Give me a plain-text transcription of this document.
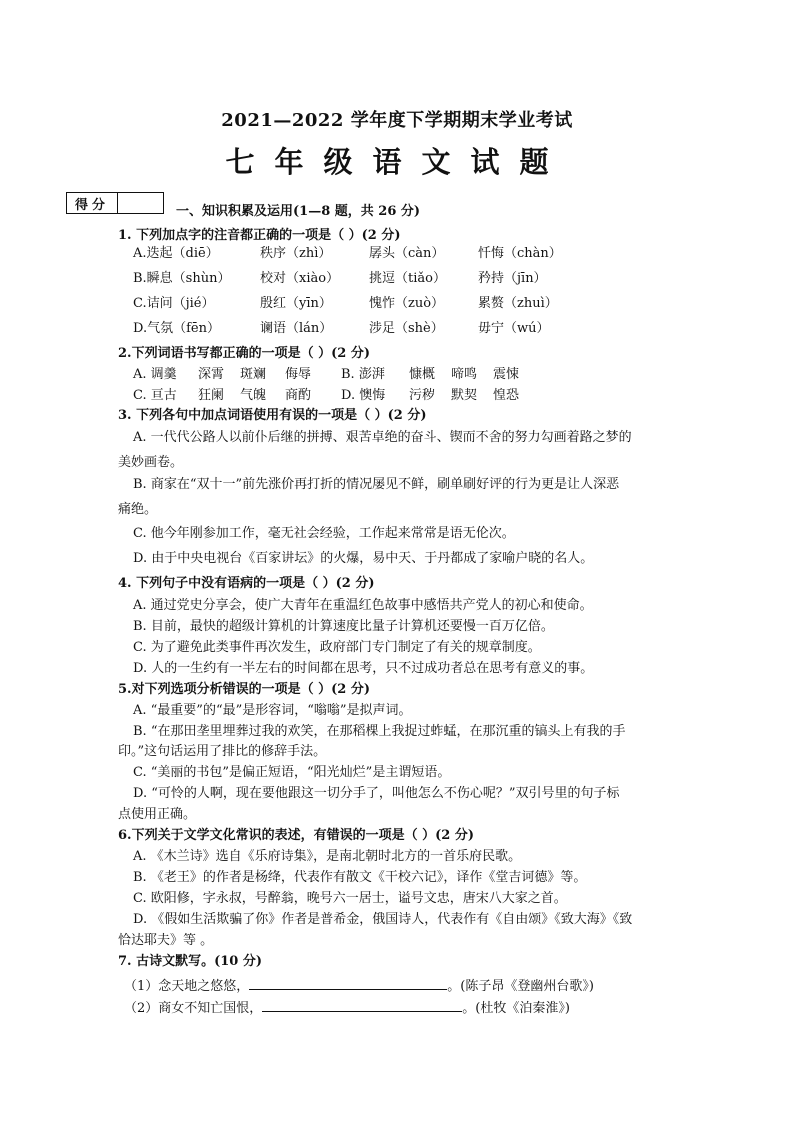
2021—2022 学年度下学期期末学业考试
七年级语文试题
得分	一、知识积累及运用(1—8 题，共 26 分)
1. 下列加点字的注音都正确的一项是（ ）(2 分)
A.迭起（diē）	秩序（zhì）	孱头（càn）	忏悔（chàn）
B.瞬息（shùn） 校对（xiào） 挑逗（tiǎo） 矜持（jīn）
C.诘问（jié）	殷红（yīn）	愧怍（zuò）	累赘（zhuì）
D.气氛（fēn）	谰语（lán）	涉足（shè）	毋宁（wú）
2.下列词语书写都正确的一项是（ ）(2 分)
A. 调羹 深霄 斑斓 侮辱 B. 澎湃 慷概 啼鸣 震悚
C. 亘古 狂阑 气魄 商酌 D. 懊悔 污秽 默契 惶恐
3. 下列各句中加点词语使用有误的一项是（ ）(2 分)
A. 一代代公路人以前仆后继的拼搏、艰苦卓绝的奋斗、锲而不舍的努力勾画着路之梦的
美妙画卷。
B. 商家在“双十一”前先涨价再打折的情况屡见不鲜，刷单刷好评的行为更是让人深恶
痛绝。
C. 他今年刚参加工作，毫无社会经验，工作起来常常是语无伦次。
D. 由于中央电视台《百家讲坛》的火爆，易中天、于丹都成了家喻户晓的名人。
4. 下列句子中没有语病的一项是（ ）(2 分)
A. 通过党史分享会，使广大青年在重温红色故事中感悟共产党人的初心和使命。
B. 目前，最快的超级计算机的计算速度比量子计算机还要慢一百万亿倍。
C. 为了避免此类事件再次发生，政府部门专门制定了有关的规章制度。
D. 人的一生约有一半左右的时间都在思考，只不过成功者总在思考有意义的事。
5.对下列选项分析错误的一项是（ ）(2 分)
A. “最重要”的“最”是形容词，“嗡嗡”是拟声词。
B. “在那田垄里埋葬过我的欢笑，在那稻棵上我捉过蚱蜢，在那沉重的镐头上有我的手
印。”这句话运用了排比的修辞手法。
C. “美丽的书包”是偏正短语，“阳光灿烂”是主谓短语。
D. “可怜的人啊，现在要他跟这一切分手了，叫他怎么不伤心呢？”双引号里的句子标
点使用正确。
6.下列关于文学文化常识的表述，有错误的一项是（ ）(2 分)
A. 《木兰诗》选自《乐府诗集》，是南北朝时北方的一首乐府民歌。
B. 《老王》的作者是杨绛，代表作有散文《干校六记》，译作《堂吉诃德》等。
C. 欧阳修，字永叔，号醉翁，晚号六一居士，谥号文忠，唐宋八大家之首。
D. 《假如生活欺骗了你》作者是普希金，俄国诗人，代表作有《自由颂》《致大海》《致
恰达耶夫》等 。
7. 古诗文默写。(10 分)
（1）念天地之悠悠，	。(陈子昂《登幽州台歌》)
（2）商女不知亡国恨，	。(杜牧《泊秦淮》)
